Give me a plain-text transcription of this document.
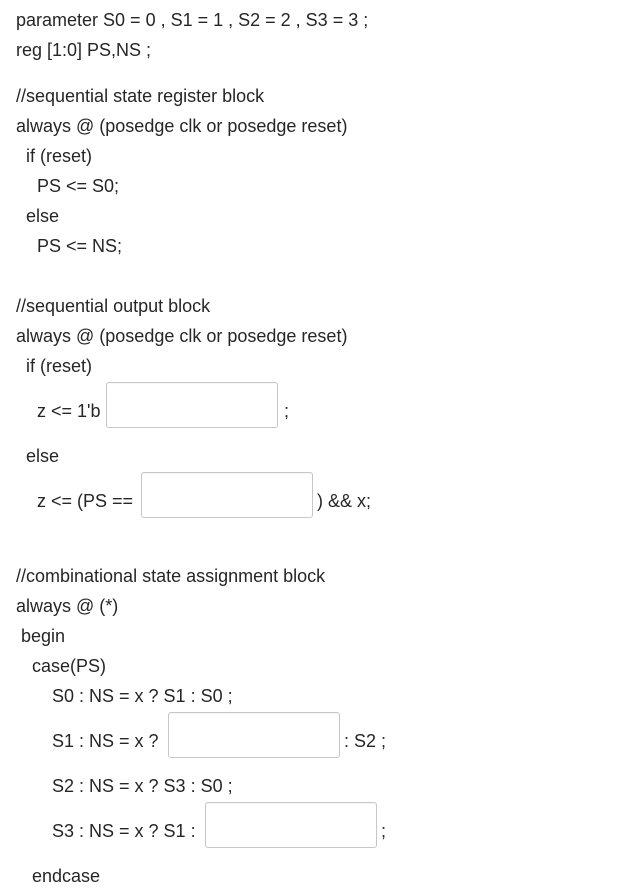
parameter S0 = 0 , S1 = 1 , S2 = 2 , S3 = 3 ;
reg [1:0] PS,NS ;
//sequential state register block
always @ (posedge clk or posedge reset)
if (reset)
PS <= S0;
else
PS <= NS;
//sequential output block
always @ (posedge clk or posedge reset)
if (reset)
z <= 1'b	;
else
z <= (PS ==	) && x;
//combinational state assignment block
always @ (*)
begin
case(PS)
S0 : NS = x ? S1 : S0 ;
S1 : NS = x ?	: S2 ;
S2 : NS = x ? S3 : S0 ;
S3 : NS = x ? S1 :	;
endcase
